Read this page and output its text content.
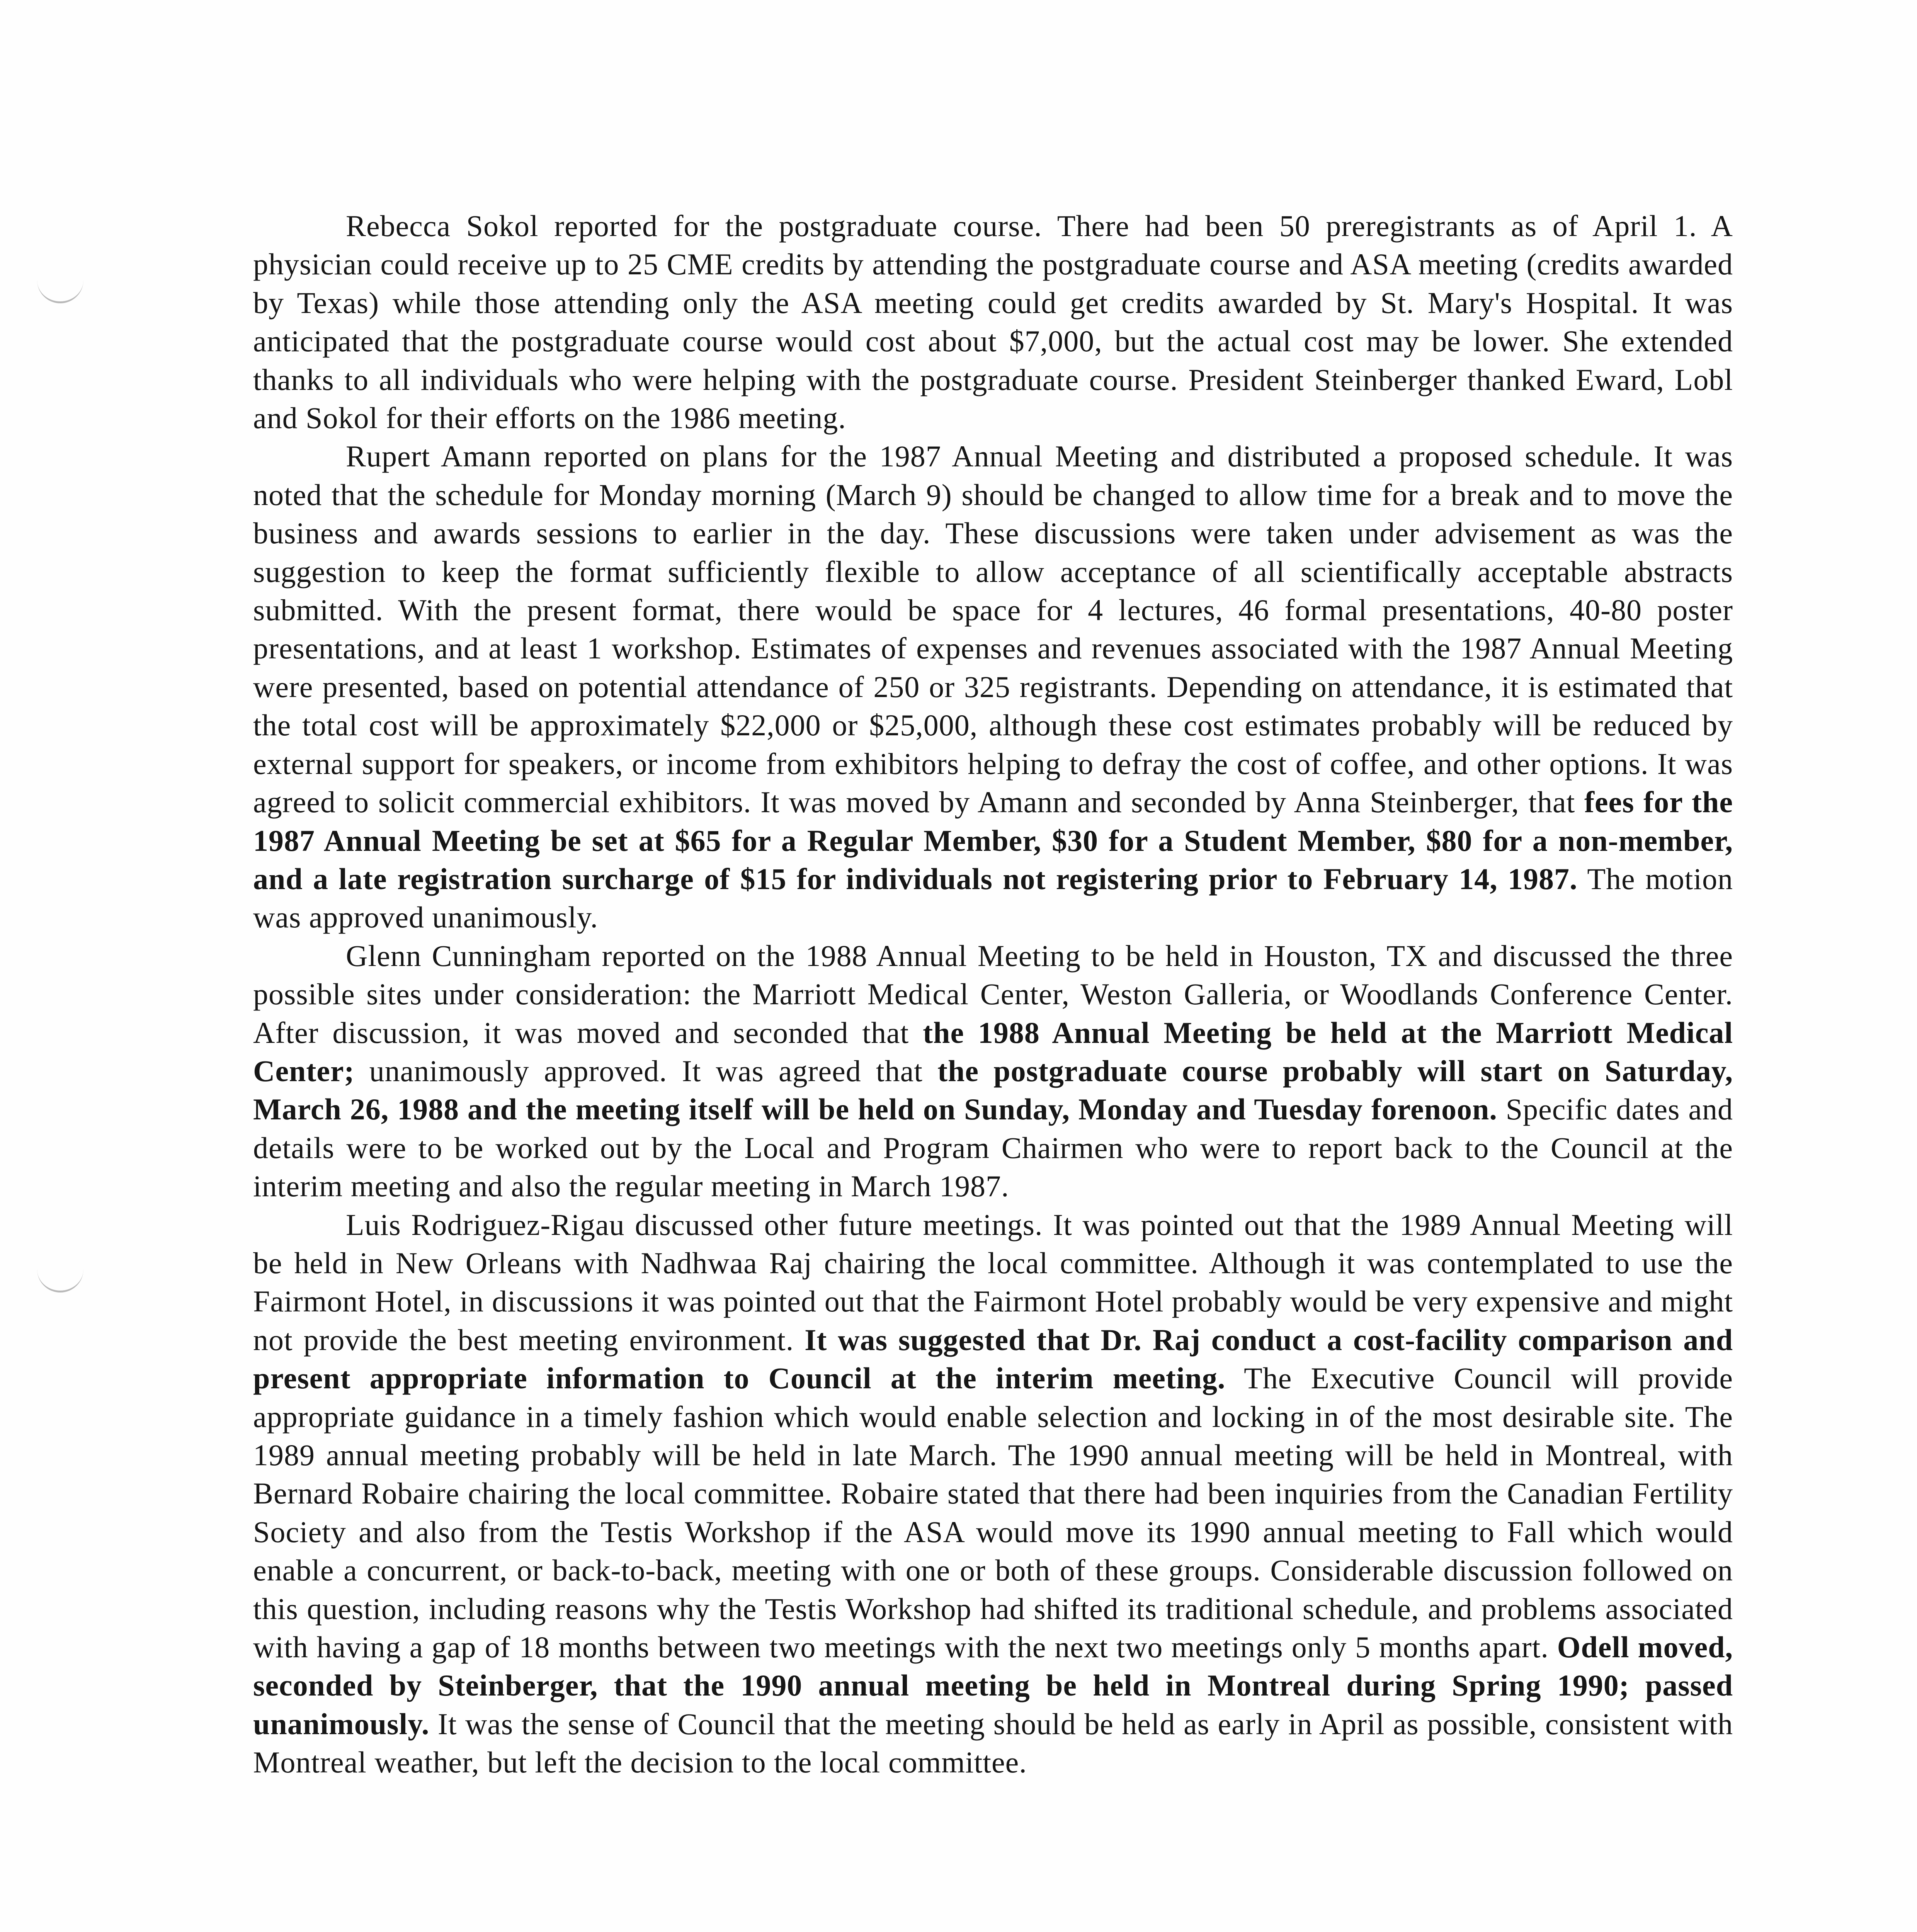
Rebecca Sokol reported for the postgraduate course. There had been 50 preregistrants as of April 1. A physician could receive up to 25 CME credits by attending the postgraduate course and ASA meeting (credits awarded by Texas) while those attending only the ASA meeting could get credits awarded by St. Mary's Hospital. It was anticipated that the postgraduate course would cost about $7,000, but the actual cost may be lower. She extended thanks to all individuals who were helping with the postgraduate course. President Steinberger thanked Eward, Lobl and Sokol for their efforts on the 1986 meeting.

Rupert Amann reported on plans for the 1987 Annual Meeting and distributed a proposed schedule. It was noted that the schedule for Monday morning (March 9) should be changed to allow time for a break and to move the business and awards sessions to earlier in the day. These discussions were taken under advisement as was the suggestion to keep the format sufficiently flexible to allow acceptance of all scientifically acceptable abstracts submitted. With the present format, there would be space for 4 lectures, 46 formal presentations, 40-80 poster presentations, and at least 1 workshop. Estimates of expenses and revenues associated with the 1987 Annual Meeting were presented, based on potential attendance of 250 or 325 registrants. Depending on attendance, it is estimated that the total cost will be approximately $22,000 or $25,000, although these cost estimates probably will be reduced by external support for speakers, or income from exhibitors helping to defray the cost of coffee, and other options. It was agreed to solicit commercial exhibitors. It was moved by Amann and seconded by Anna Steinberger, that fees for the 1987 Annual Meeting be set at $65 for a Regular Member, $30 for a Student Member, $80 for a non-member, and a late registration surcharge of $15 for individuals not registering prior to February 14, 1987. The motion was approved unanimously.

Glenn Cunningham reported on the 1988 Annual Meeting to be held in Houston, TX and discussed the three possible sites under consideration: the Marriott Medical Center, Weston Galleria, or Woodlands Conference Center. After discussion, it was moved and seconded that the 1988 Annual Meeting be held at the Marriott Medical Center; unanimously approved. It was agreed that the postgraduate course probably will start on Saturday, March 26, 1988 and the meeting itself will be held on Sunday, Monday and Tuesday forenoon. Specific dates and details were to be worked out by the Local and Program Chairmen who were to report back to the Council at the interim meeting and also the regular meeting in March 1987.

Luis Rodriguez-Rigau discussed other future meetings. It was pointed out that the 1989 Annual Meeting will be held in New Orleans with Nadhwaa Raj chairing the local committee. Although it was contemplated to use the Fairmont Hotel, in discussions it was pointed out that the Fairmont Hotel probably would be very expensive and might not provide the best meeting environment. It was suggested that Dr. Raj conduct a cost-facility comparison and present appropriate information to Council at the interim meeting. The Executive Council will provide appropriate guidance in a timely fashion which would enable selection and locking in of the most desirable site. The 1989 annual meeting probably will be held in late March. The 1990 annual meeting will be held in Montreal, with Bernard Robaire chairing the local committee. Robaire stated that there had been inquiries from the Canadian Fertility Society and also from the Testis Workshop if the ASA would move its 1990 annual meeting to Fall which would enable a concurrent, or back-to-back, meeting with one or both of these groups. Considerable discussion followed on this question, including reasons why the Testis Workshop had shifted its traditional schedule, and problems associated with having a gap of 18 months between two meetings with the next two meetings only 5 months apart. Odell moved, seconded by Steinberger, that the 1990 annual meeting be held in Montreal during Spring 1990; passed unanimously. It was the sense of Council that the meeting should be held as early in April as possible, consistent with Montreal weather, but left the decision to the local committee.
